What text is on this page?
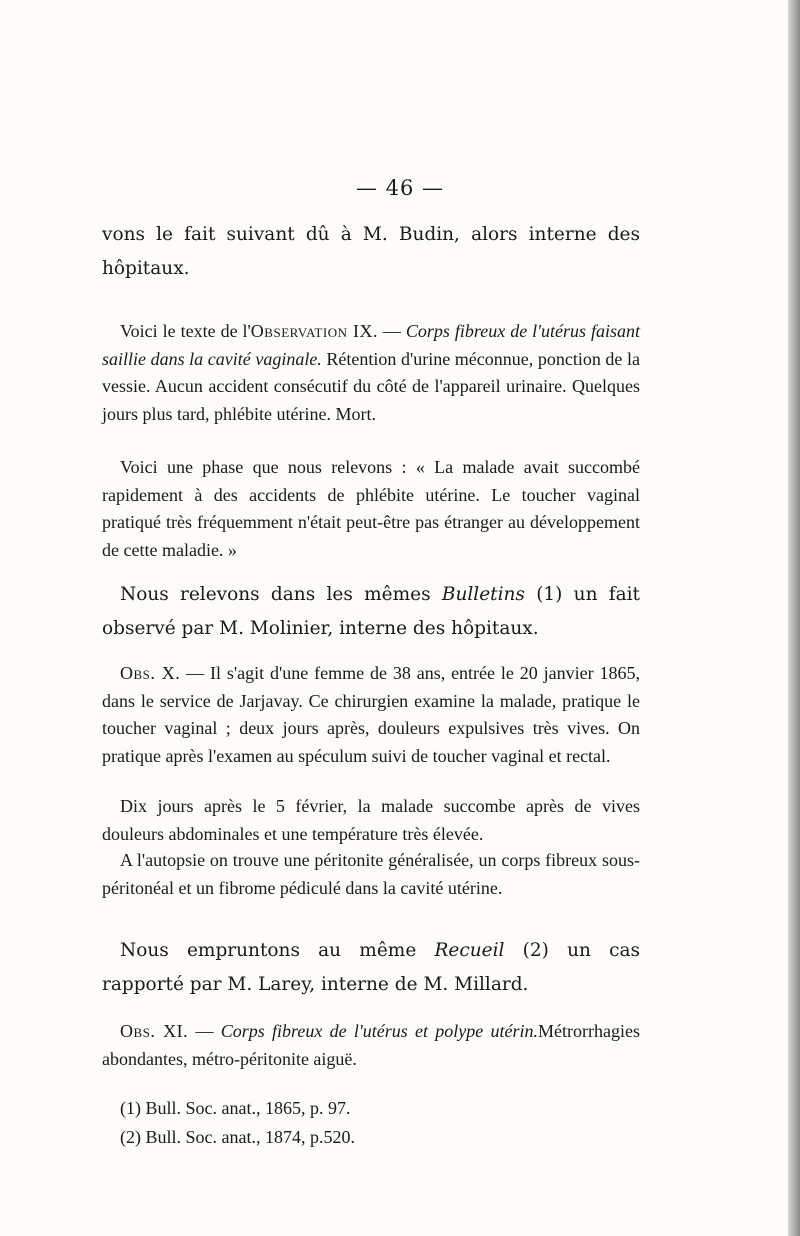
— 46 —

vons le fait suivant dû à M. Budin, alors interne des hôpitaux.

Voici le texte de l'Observation IX. — Corps fibreux de l'utérus faisant saillie dans la cavité vaginale. Rétention d'urine méconnue, ponction de la vessie. Aucun accident consécutif du côté de l'appareil urinaire. Quelques jours plus tard, phlébite utérine. Mort.

Voici une phase que nous relevons : « La malade avait succombé rapidement à des accidents de phlébite utérine. Le toucher vaginal pratiqué très fréquemment n'était peut-être pas étranger au développement de cette maladie. »

Nous relevons dans les mêmes Bulletins (1) un fait observé par M. Molinier, interne des hôpitaux.

Obs. X. — Il s'agit d'une femme de 38 ans, entrée le 20 janvier 1865, dans le service de Jarjavay. Ce chirurgien examine la malade, pratique le toucher vaginal ; deux jours après, douleurs expulsives très vives. On pratique après l'examen au spéculum suivi de toucher vaginal et rectal.

Dix jours après le 5 février, la malade succombe après de vives douleurs abdominales et une température très élevée.

A l'autopsie on trouve une péritonite généralisée, un corps fibreux sous-péritonéal et un fibrome pédiculé dans la cavité utérine.

Nous empruntons au même Recueil (2) un cas rapporté par M. Larey, interne de M. Millard.

Obs. XI. — Corps fibreux de l'utérus et polype utérin.Métrorrhagies abondantes, métro-péritonite aiguë.

(1) Bull. Soc. anat., 1865, p. 97.
(2) Bull. Soc. anat., 1874, p.520.
